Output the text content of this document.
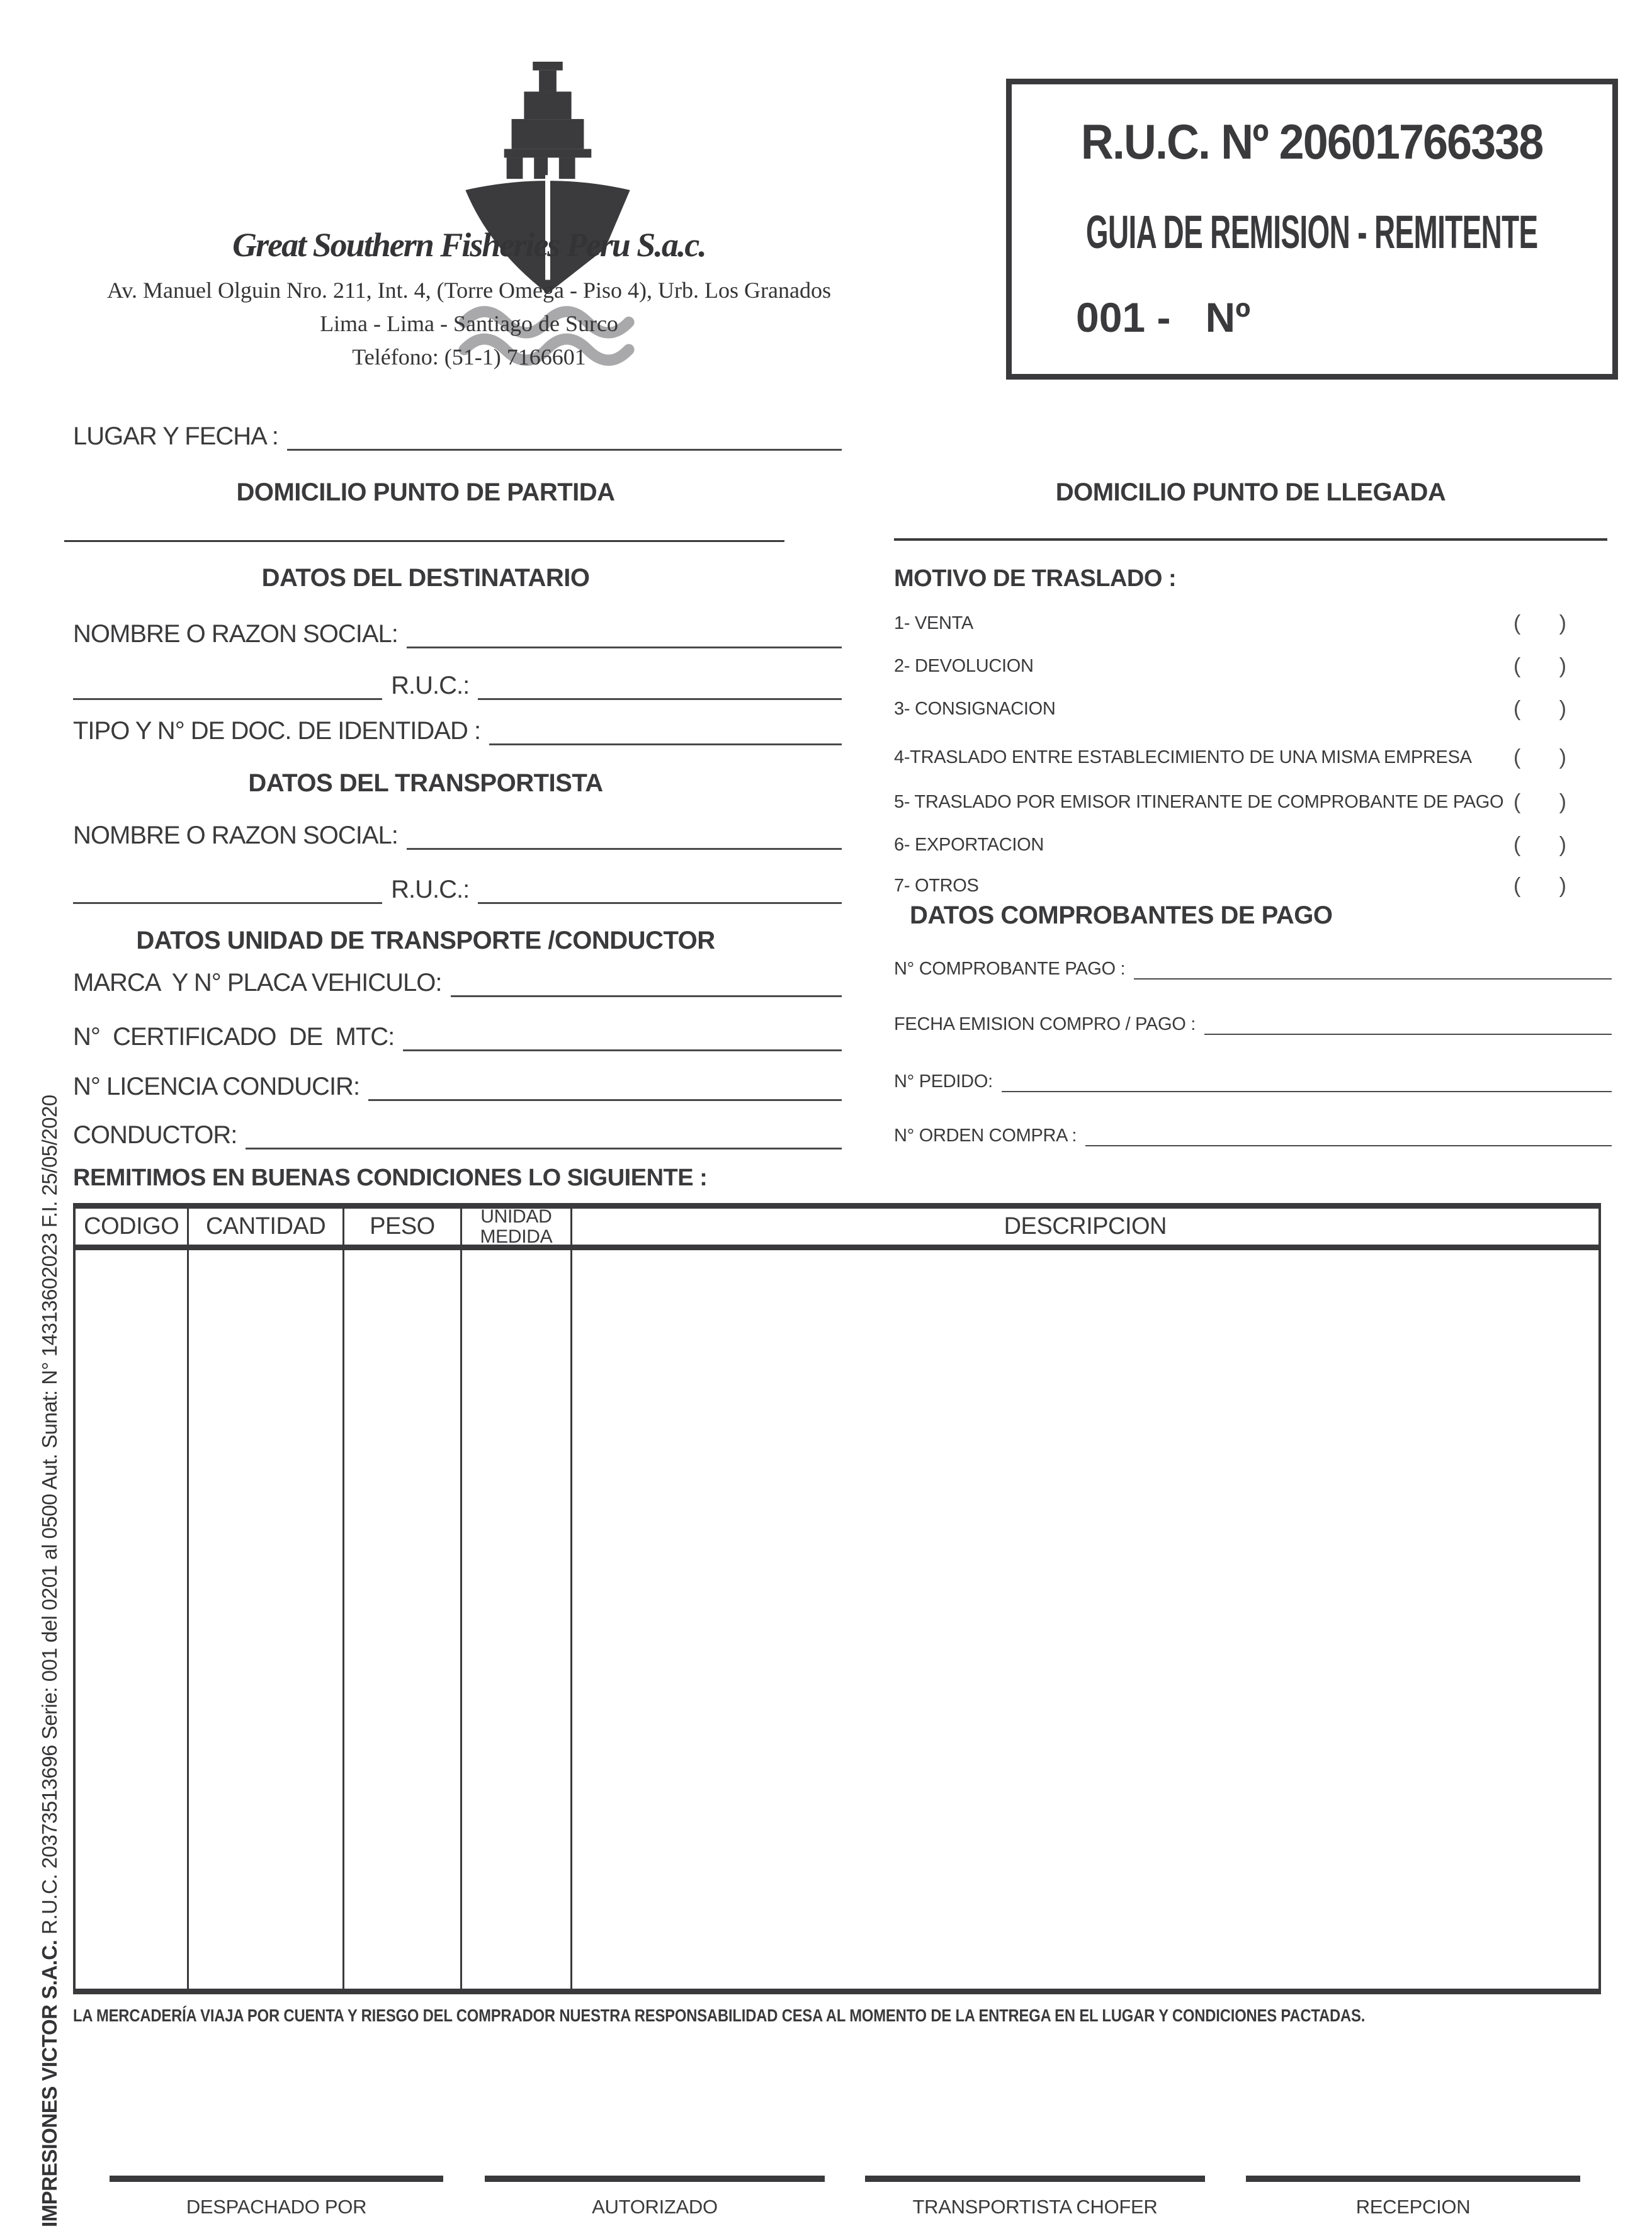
Great Southern Fisheries Peru S.a.c.
Av. Manuel Olguin Nro. 211, Int. 4, (Torre Omega - Piso 4), Urb. Los Granados
Lima - Lima - Santiago de Surco
Teléfono: (51-1) 7166601
R.U.C. Nº 20601766338
GUIA DE REMISION - REMITENTE
001 -   Nº
LUGAR Y FECHA :
DOMICILIO PUNTO DE PARTIDA
DATOS DEL DESTINATARIO
NOMBRE O RAZON SOCIAL:
R.U.C.:
TIPO Y N° DE DOC. DE IDENTIDAD :
DATOS DEL TRANSPORTISTA
NOMBRE O RAZON SOCIAL:
R.U.C.:
DATOS UNIDAD DE TRANSPORTE /CONDUCTOR
MARCA  Y N° PLACA VEHICULO:
N°  CERTIFICADO  DE  MTC:
N° LICENCIA CONDUCIR:
CONDUCTOR:
REMITIMOS EN BUENAS CONDICIONES LO SIGUIENTE :
DOMICILIO PUNTO DE LLEGADA
MOTIVO DE TRASLADO :
1- VENTA	( )
2- DEVOLUCION	( )
3- CONSIGNACION	( )
4-TRASLADO ENTRE ESTABLECIMIENTO DE UNA MISMA EMPRESA	( )
5- TRASLADO POR EMISOR ITINERANTE DE COMPROBANTE DE PAGO ( )
6- EXPORTACION	( )
7- OTROS	( )
DATOS COMPROBANTES DE PAGO
N° COMPROBANTE PAGO :
FECHA EMISION COMPRO / PAGO :
N° PEDIDO:
N° ORDEN COMPRA :
CODIGO CANTIDAD PESO	UNIDAD MEDIDA	DESCRIPCION
LA MERCADERÍA VIAJA POR CUENTA Y RIESGO DEL COMPRADOR NUESTRA RESPONSABILIDAD CESA AL MOMENTO DE LA ENTREGA EN EL LUGAR Y CONDICIONES PACTADAS.
DESPACHADO POR	AUTORIZADO	TRANSPORTISTA CHOFER	RECEPCION
IMPRESIONES VICTOR S.A.C. R.U.C. 20373513696 Serie: 001 del 0201 al 0500 Aut. Sunat: N° 14313602023 F.I. 25/05/2020
